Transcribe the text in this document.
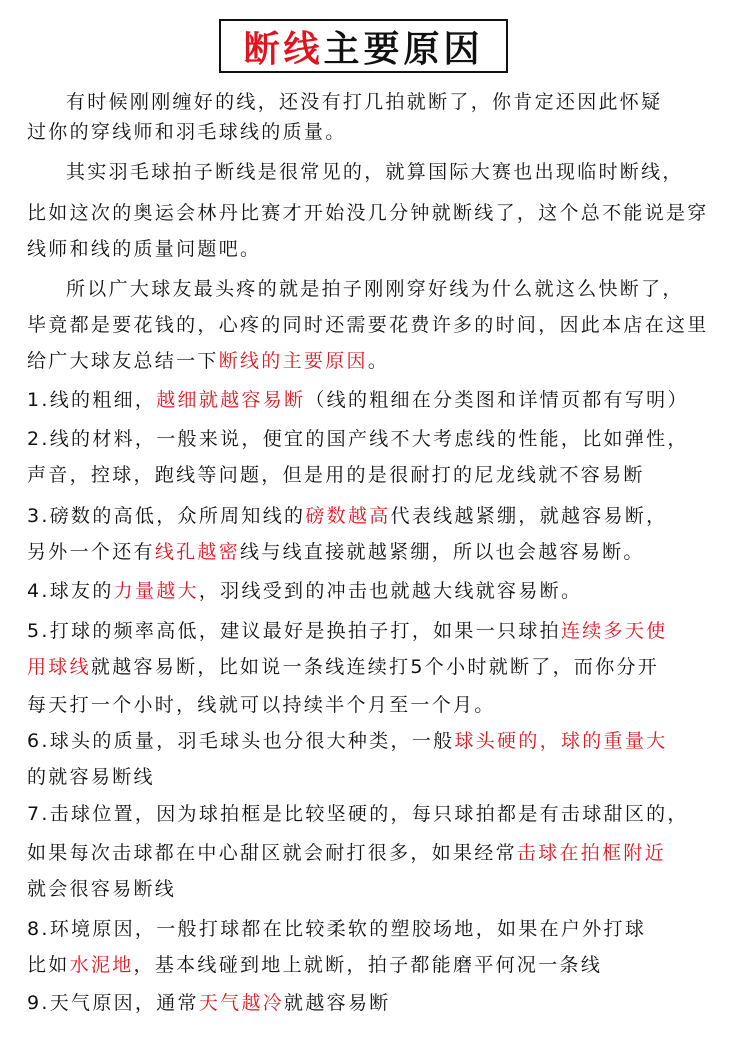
断线 主要原因
有时候刚刚缠好的线，还没有打几拍就断了，你肯定还因此怀疑
过你的穿线师和羽毛球线的质量。
其实羽毛球拍子断线是很常见的，就算国际大赛也出现临时断线，
比如这次的奥运会林丹比赛才开始没几分钟就断线了，这个总不能说是穿
线师和线的质量问题吧。
所以广大球友最头疼的就是拍子刚刚穿好线为什么就这么快断了，
毕竟都是要花钱的，心疼的同时还需要花费许多的时间，因此本店在这里
给广大球友总结一下断线的主要原因。
1.线的粗细，越细就越容易断（线的粗细在分类图和详情页都有写明）
2.线的材料，一般来说，便宜的国产线不大考虑线的性能，比如弹性，
声音，控球，跑线等问题，但是用的是很耐打的尼龙线就不容易断
3.磅数的高低，众所周知线的磅数越高代表线越紧绷，就越容易断，
另外一个还有线孔越密线与线直接就越紧绷，所以也会越容易断。
4.球友的力量越大，羽线受到的冲击也就越大线就容易断。
5.打球的频率高低，建议最好是换拍子打，如果一只球拍连续多天使
用球线就越容易断，比如说一条线连续打5个小时就断了，而你分开
每天打一个小时，线就可以持续半个月至一个月。
6.球头的质量，羽毛球头也分很大种类，一般球头硬的，球的重量大
的就容易断线
7.击球位置，因为球拍框是比较坚硬的，每只球拍都是有击球甜区的，
如果每次击球都在中心甜区就会耐打很多，如果经常击球在拍框附近
就会很容易断线
8.环境原因，一般打球都在比较柔软的塑胶场地，如果在户外打球
比如水泥地，基本线碰到地上就断，拍子都能磨平何况一条线
9.天气原因，通常天气越冷就越容易断
